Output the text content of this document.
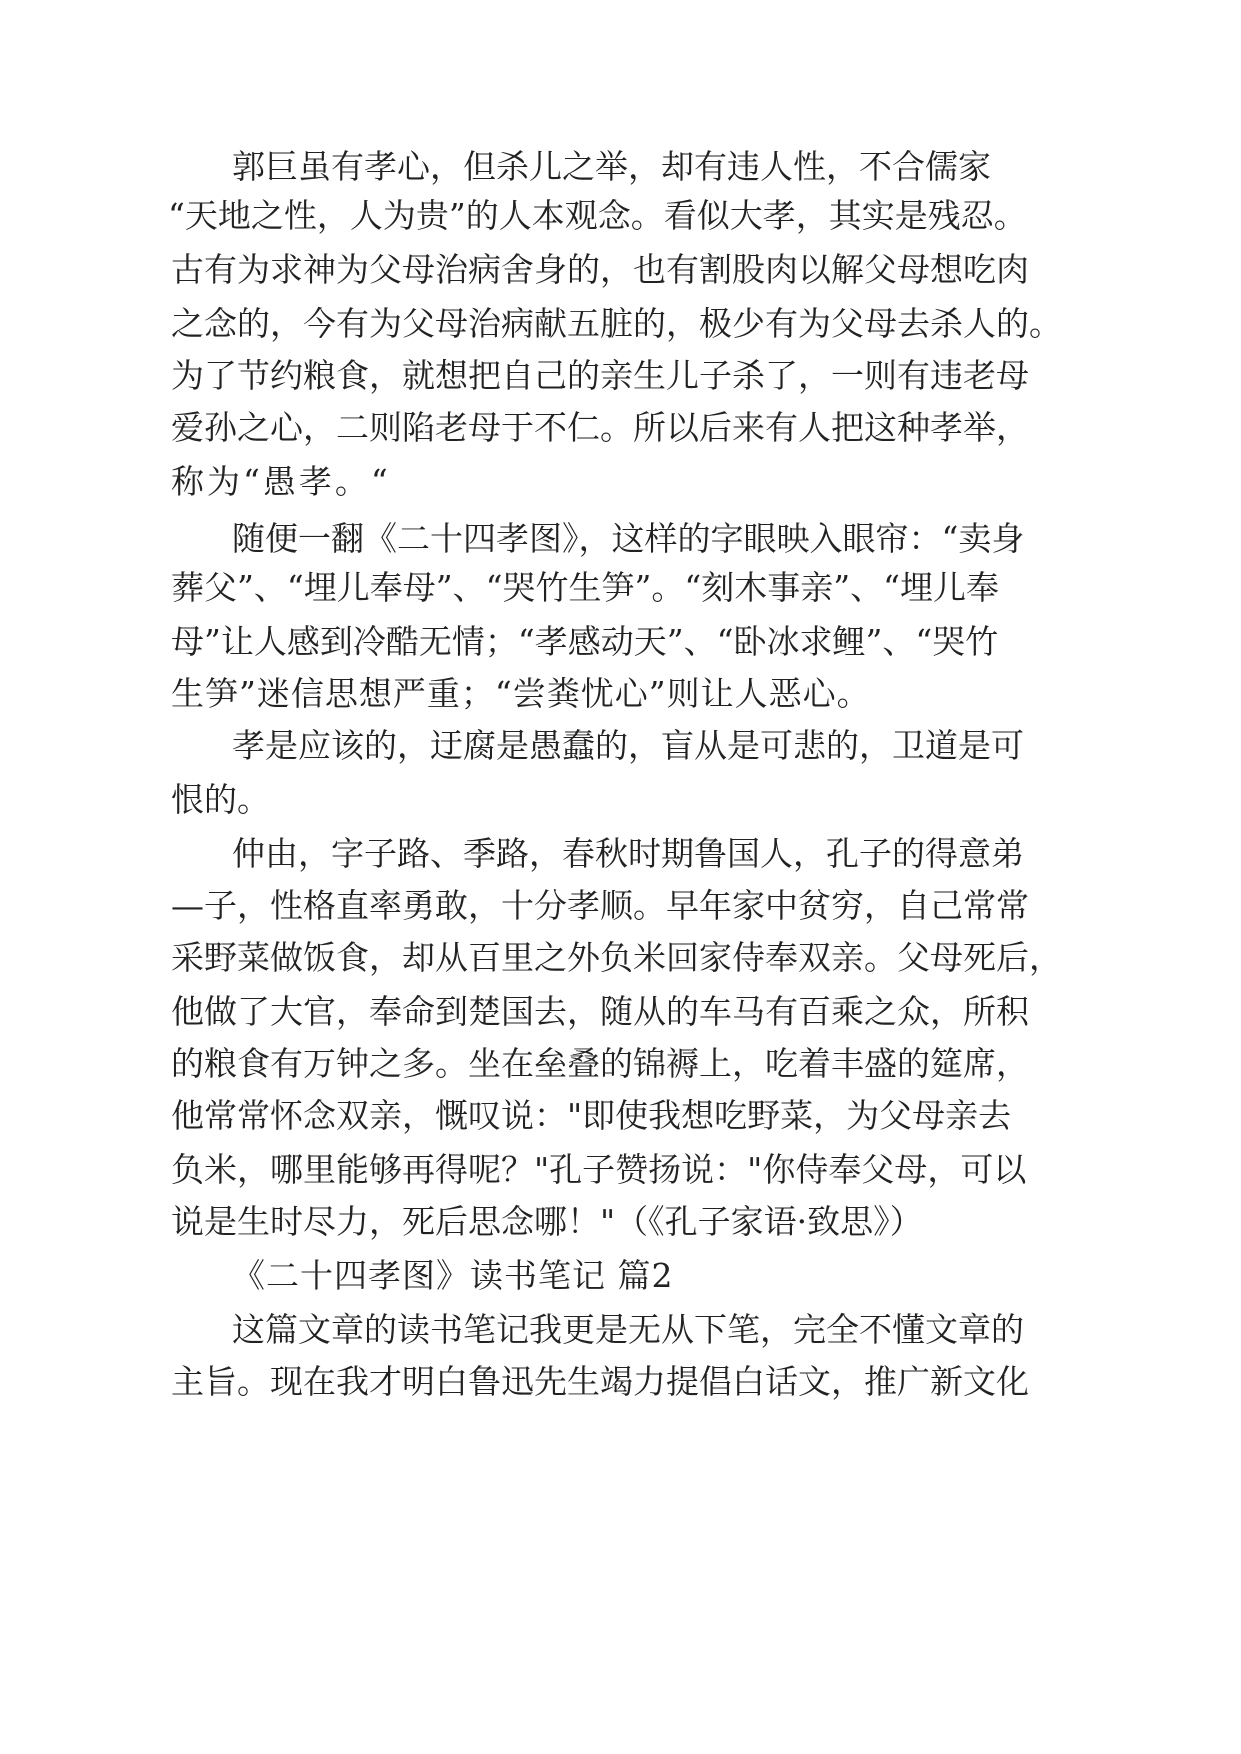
郭巨虽有孝心，但杀儿之举，却有违人性，不合儒家
“天地之性，人为贵”的人本观念。看似大孝，其实是残忍。
古有为求神为父母治病舍身的，也有割股肉以解父母想吃肉
之念的，今有为父母治病献五脏的，极少有为父母去杀人的。
为了节约粮食，就想把自己的亲生儿子杀了，一则有违老母
爱孙之心，二则陷老母于不仁。所以后来有人把这种孝举，
称为“愚孝。“
随便一翻《二十四孝图》，这样的字眼映入眼帘：“卖身
葬父”、“埋儿奉母”、“哭竹生笋”。“刻木事亲”、“埋儿奉
母”让人感到冷酷无情；“孝感动天”、“卧冰求鲤”、“哭竹
生笋”迷信思想严重；“尝粪忧心”则让人恶心。
孝是应该的，迂腐是愚蠢的，盲从是可悲的，卫道是可
恨的。
仲由，字子路、季路，春秋时期鲁国人，孔子的得意弟
—子，性格直率勇敢，十分孝顺。早年家中贫穷，自己常常
采野菜做饭食，却从百里之外负米回家侍奉双亲。父母死后，
他做了大官，奉命到楚国去，随从的车马有百乘之众，所积
的粮食有万钟之多。坐在垒叠的锦褥上，吃着丰盛的筵席，
他常常怀念双亲，慨叹说："即使我想吃野菜，为父母亲去
负米，哪里能够再得呢？"孔子赞扬说："你侍奉父母，可以
说是生时尽力，死后思念哪！"（《孔子家语·致思》）
《二十四孝图》读书笔记 篇2
这篇文章的读书笔记我更是无从下笔，完全不懂文章的
主旨。现在我才明白鲁迅先生竭力提倡白话文，推广新文化
